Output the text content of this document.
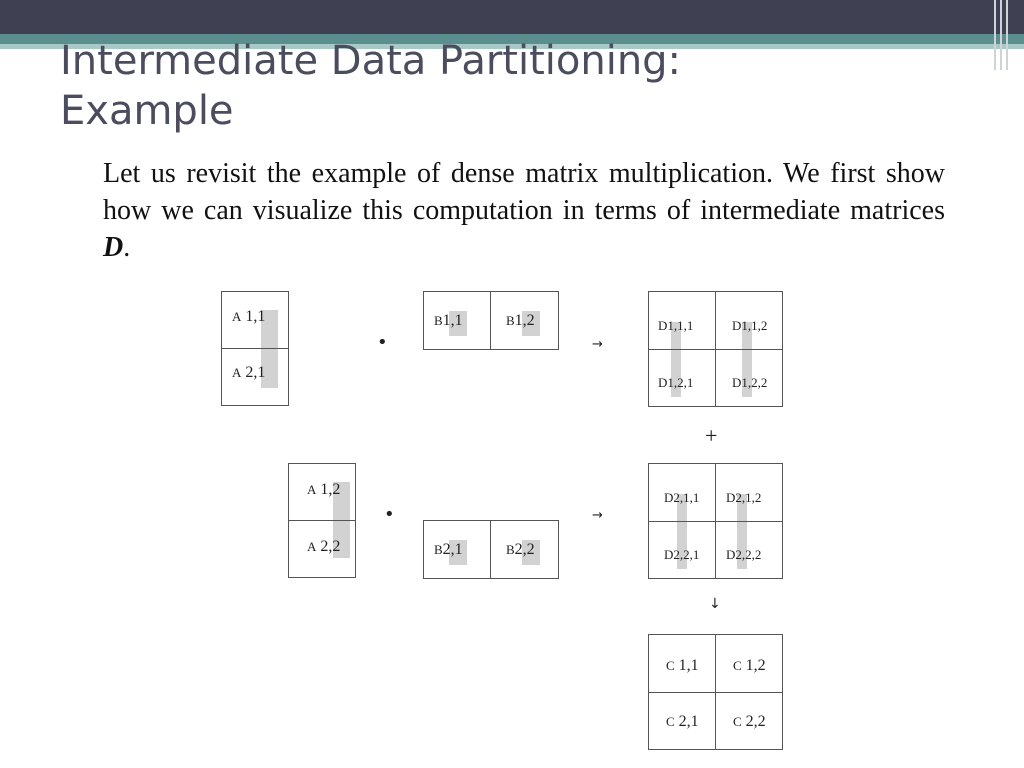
Intermediate Data Partitioning:
Example
Let us revisit the example of dense matrix multiplication. We first show how we can visualize this computation in terms of intermediate matrices D.
A 1,1
A 2,1
•
B1,1	B1,2
→
D1,1,1	D1,1,2
D1,2,1	D1,2,2
+
A 1,2
A 2,2
•
B2,1	B2,2
→
D2,1,1 D2,1,2
D2,2,1 D2,2,2
↓
C 1,1	C 1,2
C 2,1	C 2,2
